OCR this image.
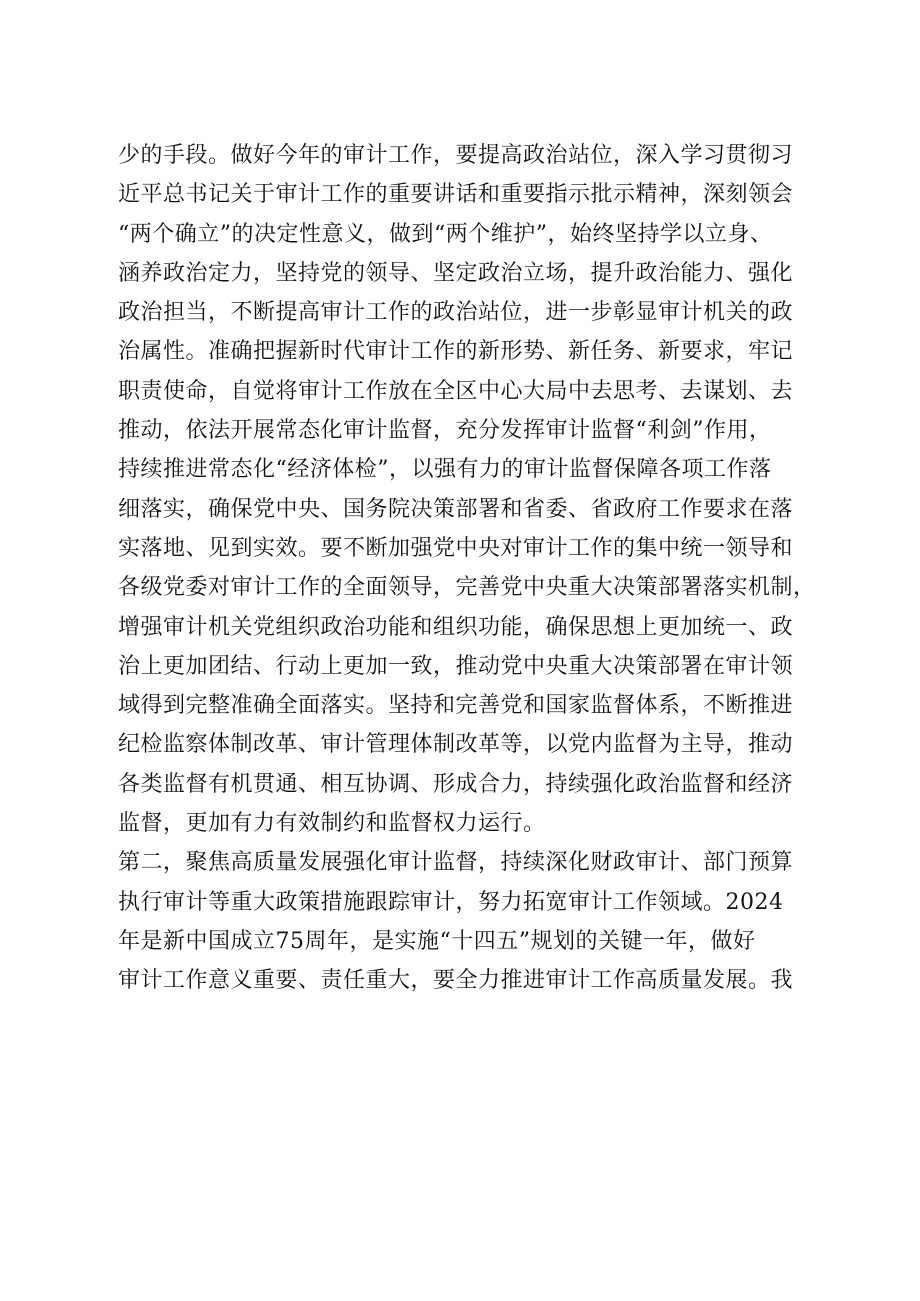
少的手段。做好今年的审计工作，要提高政治站位，深入学习贯彻习
近平总书记关于审计工作的重要讲话和重要指示批示精神，深刻领会
“两个确立”的决定性意义，做到“两个维护”，始终坚持学以立身、
涵养政治定力，坚持党的领导、坚定政治立场，提升政治能力、强化
政治担当，不断提高审计工作的政治站位，进一步彰显审计机关的政
治属性。准确把握新时代审计工作的新形势、新任务、新要求，牢记
职责使命，自觉将审计工作放在全区中心大局中去思考、去谋划、去
推动，依法开展常态化审计监督，充分发挥审计监督“利剑”作用，
持续推进常态化“经济体检”，以强有力的审计监督保障各项工作落
细落实，确保党中央、国务院决策部署和省委、省政府工作要求在落
实落地、见到实效。要不断加强党中央对审计工作的集中统一领导和
各级党委对审计工作的全面领导，完善党中央重大决策部署落实机制，
增强审计机关党组织政治功能和组织功能，确保思想上更加统一、政
治上更加团结、行动上更加一致，推动党中央重大决策部署在审计领
域得到完整准确全面落实。坚持和完善党和国家监督体系，不断推进
纪检监察体制改革、审计管理体制改革等，以党内监督为主导，推动
各类监督有机贯通、相互协调、形成合力，持续强化政治监督和经济
监督，更加有力有效制约和监督权力运行。
第二，聚焦高质量发展强化审计监督，持续深化财政审计、部门预算
执行审计等重大政策措施跟踪审计，努力拓宽审计工作领域。2024
年是新中国成立75周年，是实施“十四五”规划的关键一年，做好
审计工作意义重要、责任重大，要全力推进审计工作高质量发展。我
